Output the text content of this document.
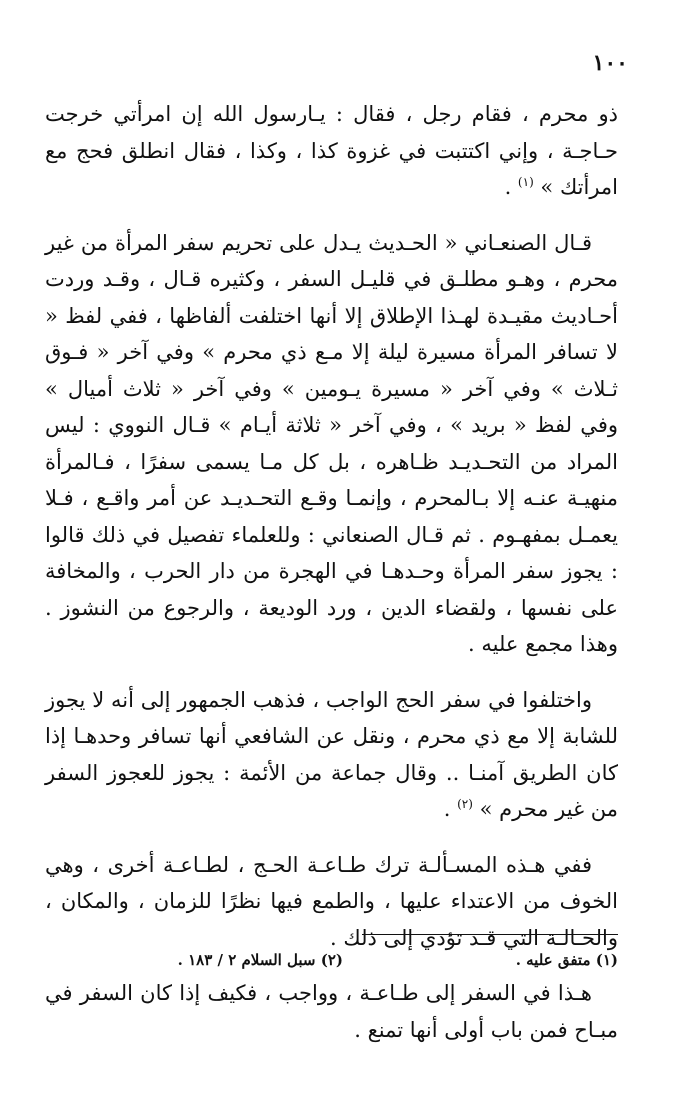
١٠٠

ذو محرم ، فقام رجل ، فقال : يـارسول الله إن امرأتي خرجت حـاجـة ، وإني اكتتبت في غزوة كذا ، وكذا ، فقال انطلق فحج مع امرأتك » $^{(١)}$ .

قـال الصنعـاني « الحـديث يـدل على تحريم سفر المرأة من غير محرم ، وهـو مطلـق في قليـل السفر ، وكثيره قـال ، وقـد وردت أحـاديث مقيـدة لهـذا الإطلاق إلا أنها اختلفت ألفاظها ، ففي لفظ « لا تسافر المرأة مسيرة ليلة إلا مـع ذي محرم » وفي آخر « فـوق ثـلاث » وفي آخر « مسيرة يـومين » وفي آخر « ثلاث أميال » وفي لفظ « بريد » ، وفي آخر « ثلاثة أيـام » قـال النووي : ليس المراد من التحـديـد ظـاهره ، بل كل مـا يسمى سفرًا ، فـالمرأة منهيـة عنـه إلا بـالمحرم ، وإنمـا وقـع التحـديـد عن أمر واقـع ، فـلا يعمـل بمفهـوم . ثم قـال الصنعاني : وللعلماء تفصيل في ذلك قالوا : يجوز سفر المرأة وحـدهـا في الهجرة من دار الحرب ، والمخافة على نفسها ، ولقضاء الدين ، ورد الوديعة ، والرجوع من النشوز . وهذا مجمع عليه .

واختلفوا في سفر الحج الواجب ، فذهب الجمهور إلى أنه لا يجوز للشابة إلا مع ذي محرم ، ونقل عن الشافعي أنها تسافر وحدهـا إذا كان الطريق آمنـا .. وقال جماعة من الأئمة : يجوز للعجوز السفر من غير محرم » $^{(٢)}$ .

ففي هـذه المسـألـة ترك طـاعـة الحـج ، لطـاعـة أخرى ، وهي الخوف من الاعتداء عليها ، والطمع فيها نظرًا للزمان ، والمكان ، والحـالـة التي قـد تؤدي إلى ذلك .

هـذا في السفر إلى طـاعـة ، وواجب ، فكيف إذا كان السفر في مبـاح فمن باب أولى أنها تمنع .

(١) متفق عليه .
(٢) سبل السلام ٢ / ١٨٣ .
